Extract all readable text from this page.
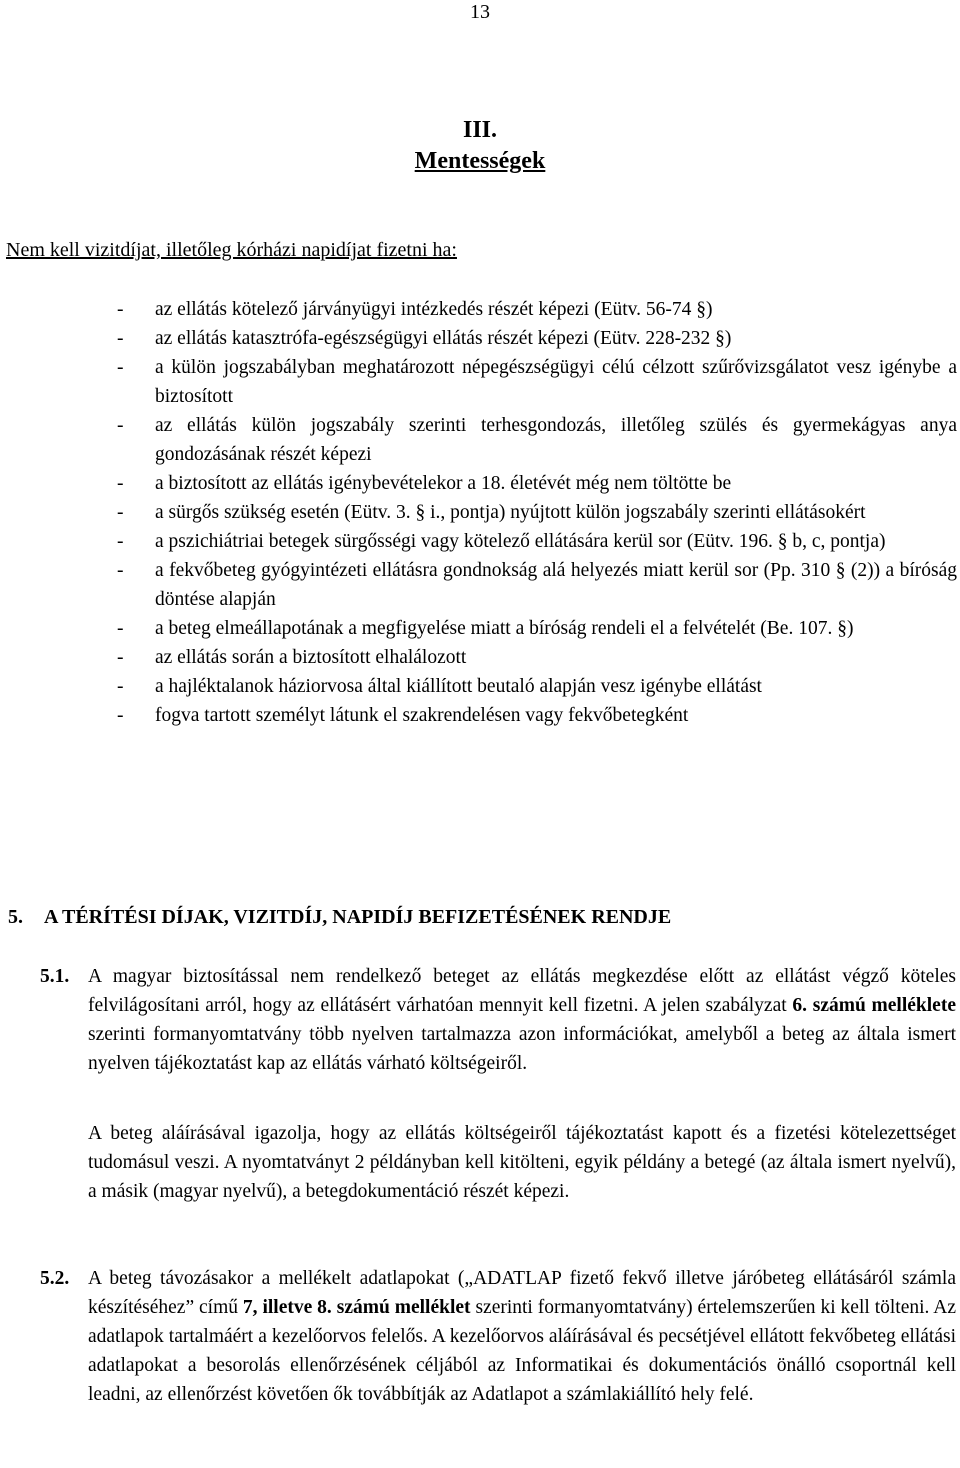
13
III.
Mentességek
Nem kell vizitdíjat, illetőleg kórházi napidíjat fizetni ha:
- az ellátás kötelező járványügyi intézkedés részét képezi (Eütv. 56-74 §)
- az ellátás katasztrófa-egészségügyi ellátás részét képezi (Eütv. 228-232 §)
- a külön jogszabályban meghatározott népegészségügyi célú célzott szűrővizsgálatot vesz igénybe a biztosított
- az ellátás külön jogszabály szerinti terhesgondozás, illetőleg szülés és gyermekágyas anya gondozásának részét képezi
- a biztosított az ellátás igénybevételekor a 18. életévét még nem töltötte be
- a sürgős szükség esetén (Eütv. 3. § i., pontja) nyújtott külön jogszabály szerinti ellátásokért
- a pszichiátriai betegek sürgősségi vagy kötelező ellátására kerül sor (Eütv. 196. § b, c, pontja)
- a fekvőbeteg gyógyintézeti ellátásra gondnokság alá helyezés miatt kerül sor (Pp. 310 § (2)) a bíróság döntése alapján
- a beteg elmeállapotának a megfigyelése miatt a bíróság rendeli el a felvételét (Be. 107. §)
- az ellátás során a biztosított elhalálozott
- a hajléktalanok háziorvosa által kiállított beutaló alapján vesz igénybe ellátást
- fogva tartott személyt látunk el szakrendelésen vagy fekvőbetegként
5. A TÉRÍTÉSI DÍJAK, VIZITDÍJ, NAPIDÍJ BEFIZETÉSÉNEK RENDJE
5.1. A magyar biztosítással nem rendelkező beteget az ellátás megkezdése előtt az ellátást végző köteles felvilágosítani arról, hogy az ellátásért várhatóan mennyit kell fizetni. A jelen szabályzat 6. számú melléklete szerinti formanyomtatvány több nyelven tartalmazza azon információkat, amelyből a beteg az általa ismert nyelven tájékoztatást kap az ellátás várható költségeiről.

A beteg aláírásával igazolja, hogy az ellátás költségeiről tájékoztatást kapott és a fizetési kötelezettséget tudomásul veszi. A nyomtatványt 2 példányban kell kitölteni, egyik példány a betegé (az általa ismert nyelvű), a másik (magyar nyelvű), a betegdokumentáció részét képezi.

5.2. A beteg távozásakor a mellékelt adatlapokat („ADATLAP fizető fekvő illetve járóbeteg ellátásáról számla készítéséhez” című 7, illetve 8. számú melléklet szerinti formanyomtatvány) értelemszerűen ki kell tölteni. Az adatlapok tartalmáért a kezelőorvos felelős. A kezelőorvos aláírásával és pecsétjével ellátott fekvőbeteg ellátási adatlapokat a besorolás ellenőrzésének céljából az Informatikai és dokumentációs önálló csoportnál kell leadni, az ellenőrzést követően ők továbbítják az Adatlapot a számlakiállító hely felé.
